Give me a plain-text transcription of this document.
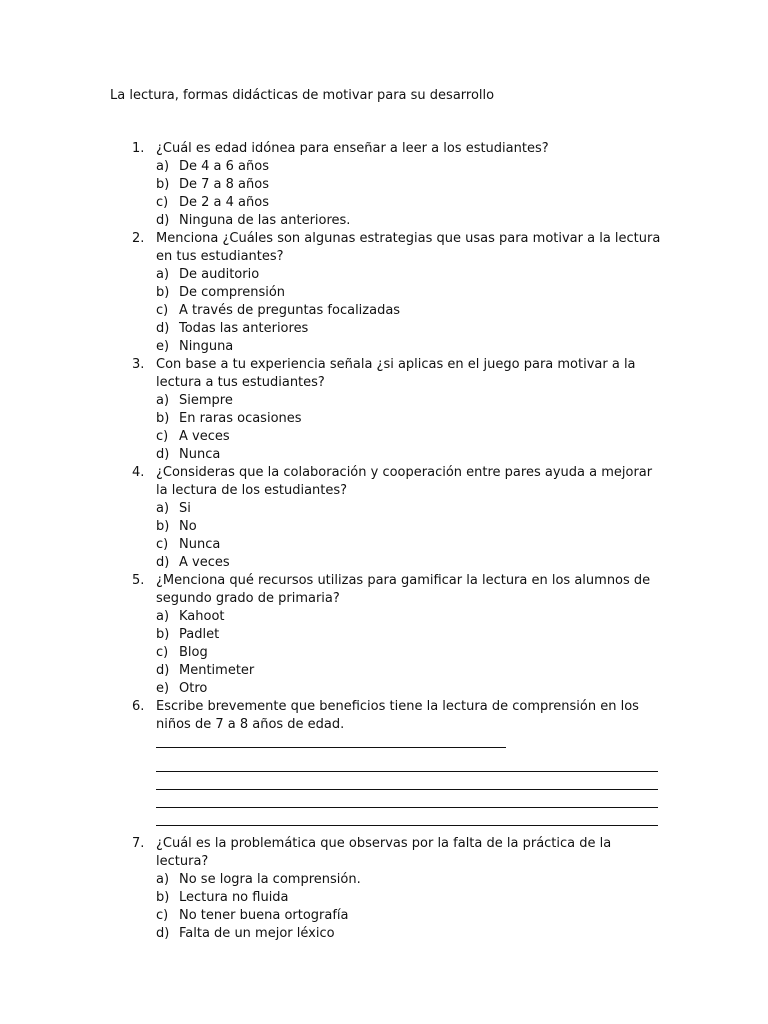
La lectura, formas didácticas de motivar para su desarrollo
1. ¿Cuál es edad idónea para enseñar a leer a los estudiantes?
a) De 4 a 6 años
b) De 7 a 8 años
c) De 2 a 4 años
d) Ninguna de las anteriores.
2. Menciona ¿Cuáles son algunas estrategias que usas para motivar a la lectura en tus estudiantes?
a) De auditorio
b) De comprensión
c) A través de preguntas focalizadas
d) Todas las anteriores
e) Ninguna
3. Con base a tu experiencia señala ¿si aplicas en el juego para motivar a la lectura a tus estudiantes?
a) Siempre
b) En raras ocasiones
c) A veces
d) Nunca
4. ¿Consideras que la colaboración y cooperación entre pares ayuda a mejorar la lectura de los estudiantes?
a) Si
b) No
c) Nunca
d) A veces
5. ¿Menciona qué recursos utilizas para gamificar la lectura en los alumnos de segundo grado de primaria?
a) Kahoot
b) Padlet
c) Blog
d) Mentimeter
e) Otro
6. Escribe brevemente que beneficios tiene la lectura de comprensión en los niños de 7 a 8 años de edad.
7. ¿Cuál es la problemática que observas por la falta de la práctica de la lectura?
a) No se logra la comprensión.
b) Lectura no fluida
c) No tener buena ortografía
d) Falta de un mejor léxico
